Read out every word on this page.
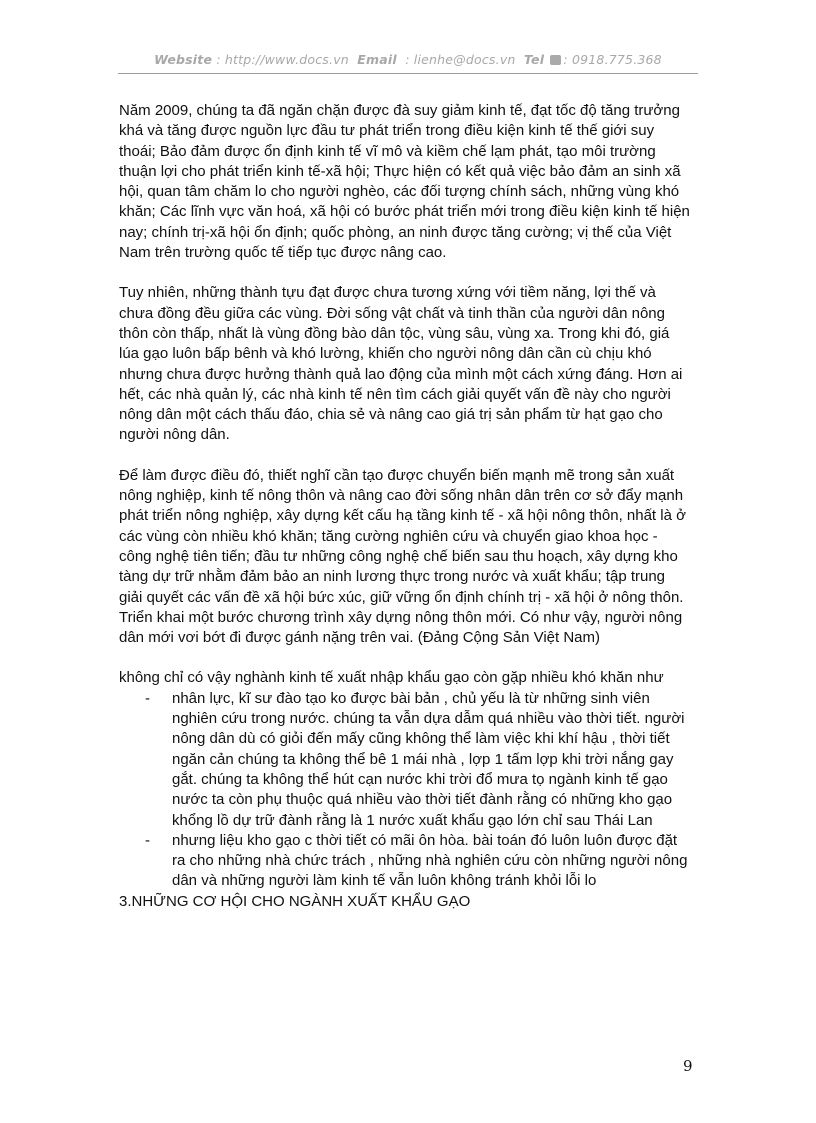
Website : http://www.docs.vn Email : lienhe@docs.vn Tel : 0918.775.368

Năm 2009, chúng ta đã ngăn chặn được đà suy giảm kinh tế, đạt tốc độ tăng trưởng khá và tăng được nguồn lực đầu tư phát triển trong điều kiện kinh tế thế giới suy thoái; Bảo đảm được ổn định kinh tế vĩ mô và kiềm chế lạm phát, tạo môi trường thuận lợi cho phát triển kinh tế-xã hội; Thực hiện có kết quả việc bảo đảm an sinh xã hội, quan tâm chăm lo cho người nghèo, các đối tượng chính sách, những vùng khó khăn; Các lĩnh vực văn hoá, xã hội có bước phát triển mới trong điều kiện kinh tế hiện nay; chính trị-xã hội ổn định; quốc phòng, an ninh được tăng cường; vị thế của Việt Nam trên trường quốc tế tiếp tục được nâng cao.

Tuy nhiên, những thành tựu đạt được chưa tương xứng với tiềm năng, lợi thế và chưa đồng đều giữa các vùng. Đời sống vật chất và tinh thần của người dân nông thôn còn thấp, nhất là vùng đồng bào dân tộc, vùng sâu, vùng xa. Trong khi đó, giá lúa gạo luôn bấp bênh và khó lường, khiến cho người nông dân cần cù chịu khó nhưng chưa được hưởng thành quả lao động của mình một cách xứng đáng. Hơn ai hết, các nhà quản lý, các nhà kinh tế nên tìm cách giải quyết vấn đề này cho người nông dân một cách thấu đáo, chia sẻ và nâng cao giá trị sản phẩm từ hạt gạo cho người nông dân.

Để làm được điều đó, thiết nghĩ cần tạo được chuyển biến mạnh mẽ trong sản xuất nông nghiệp, kinh tế nông thôn và nâng cao đời sống nhân dân trên cơ sở đẩy mạnh phát triển nông nghiệp, xây dựng kết cấu hạ tầng kinh tế - xã hội nông thôn, nhất là ở các vùng còn nhiều khó khăn; tăng cường nghiên cứu và chuyển giao khoa học - công nghệ tiên tiến; đầu tư những công nghệ chế biến sau thu hoạch, xây dựng kho tàng dự trữ nhằm đảm bảo an ninh lương thực trong nước và xuất khẩu; tập trung giải quyết các vấn đề xã hội bức xúc, giữ vững ổn định chính trị - xã hội ở nông thôn. Triển khai một bước chương trình xây dựng nông thôn mới. Có như vậy, người nông dân mới vơi bớt đi được gánh nặng trên vai. (Đảng Cộng Sản Việt Nam)

không chỉ có vậy nghành kinh tế xuất nhập khẩu gạo còn gặp nhiều khó khăn như

- nhân lực, kĩ sư đào tạo ko được bài bản , chủ yếu là từ những sinh viên nghiên cứu trong nước. chúng ta vẫn dựa dẫm quá nhiều vào thời tiết. người nông dân dù có giỏi đến mấy cũng không thể làm việc khi khí hậu , thời tiết ngăn cản chúng ta không thể bê 1 mái nhà , lợp 1 tấm lợp khi trời nắng gay gắt. chúng ta không thể hút cạn nước khi trời đổ mưa tọ ngành kinh tế gạo nước ta còn phụ thuộc quá nhiều vào thời tiết đành rằng có những kho gạo khổng lồ dự trữ đành rằng là 1 nước xuất khẩu gạo lớn chỉ sau Thái Lan
- nhưng liệu kho gạo c thời tiết có mãi ôn hòa. bài toán đó luôn luôn được đặt ra cho những nhà chức trách , những nhà nghiên cứu còn những người nông dân và những người làm kinh tế vẫn luôn không tránh khỏi lỗi lo

3.NHỮNG CƠ HỘI CHO NGÀNH XUẤT KHẨU GẠO

9
